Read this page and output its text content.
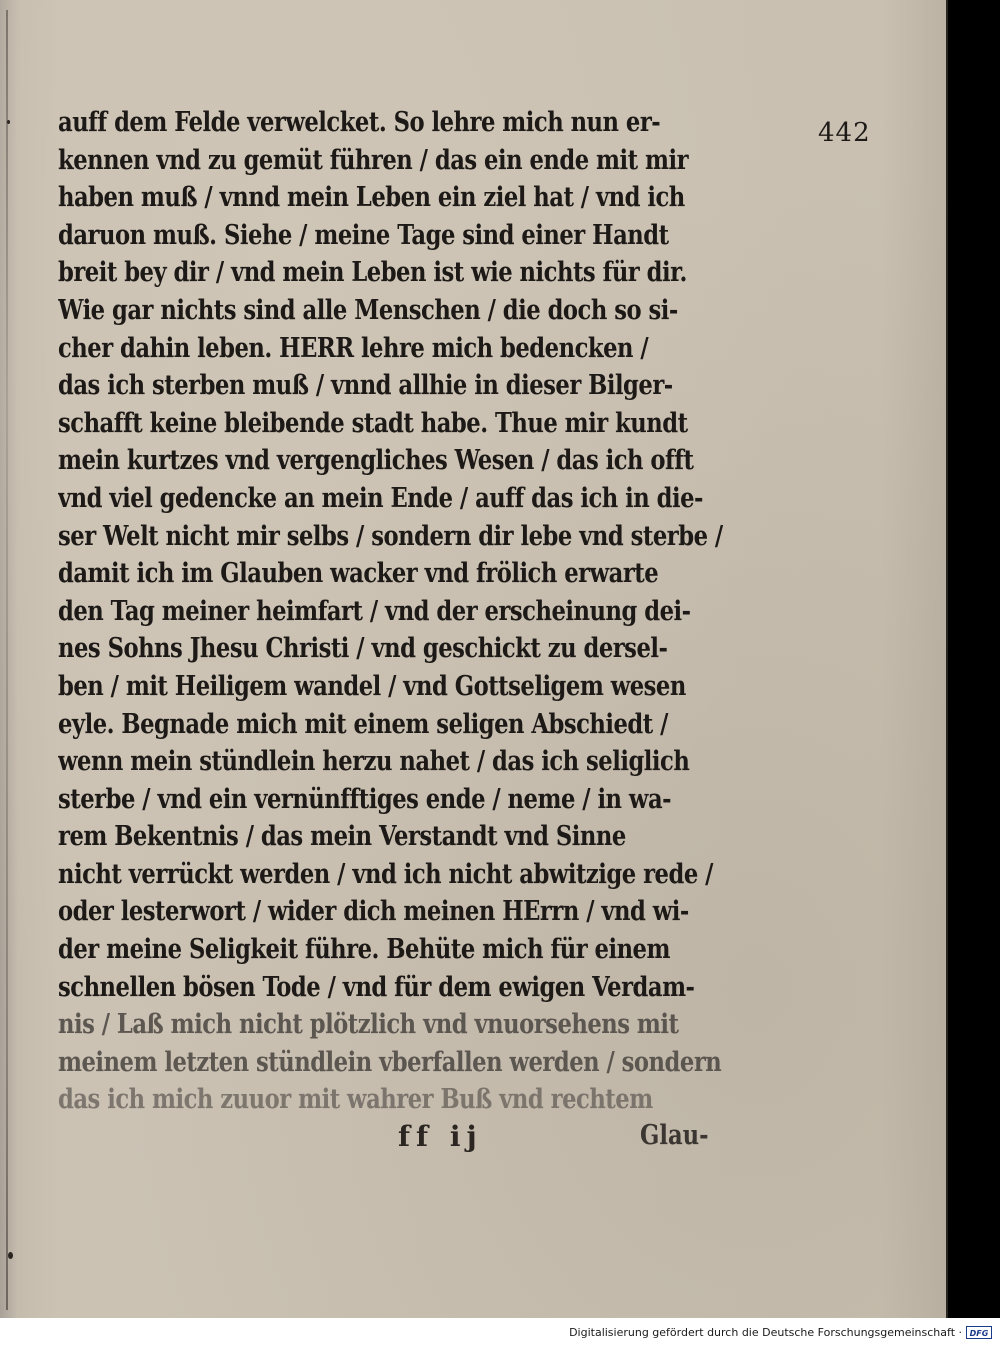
442
auff dem Felde verwelcket. So lehre mich nun er-
kennen vnd zu gemüt führen / das ein ende mit mir
haben muß / vnnd mein Leben ein ziel hat / vnd ich
daruon muß. Siehe / meine Tage sind einer Handt
breit bey dir / vnd mein Leben ist wie nichts für dir.
Wie gar nichts sind alle Menschen / die doch so si-
cher dahin leben. HERR lehre mich bedencken /
das ich sterben muß / vnnd allhie in dieser Bilger-
schafft keine bleibende stadt habe. Thue mir kundt
mein kurtzes vnd vergengliches Wesen / das ich offt
vnd viel gedencke an mein Ende / auff das ich in die-
ser Welt nicht mir selbs / sondern dir lebe vnd sterbe /
damit ich im Glauben wacker vnd frölich erwarte
den Tag meiner heimfart / vnd der erscheinung dei-
nes Sohns Jhesu Christi / vnd geschickt zu dersel-
ben / mit Heiligem wandel / vnd Gottseligem wesen
eyle. Begnade mich mit einem seligen Abschiedt /
wenn mein stündlein herzu nahet / das ich seliglich
sterbe / vnd ein vernünfftiges ende / neme / in wa-
rem Bekentnis / das mein Verstandt vnd Sinne
nicht verrückt werden / vnd ich nicht abwitzige rede /
oder lesterwort / wider dich meinen HErrn / vnd wi-
der meine Seligkeit führe. Behüte mich für einem
schnellen bösen Tode / vnd für dem ewigen Verdam-
nis / Laß mich nicht plötzlich vnd vnuorsehens mit
meinem letzten stündlein vberfallen werden / sondern
das ich mich zuuor mit wahrer Buß vnd rechtem
ff ij	Glau-
Digitalisierung gefördert durch die Deutsche Forschungsgemeinschaft · DFG
